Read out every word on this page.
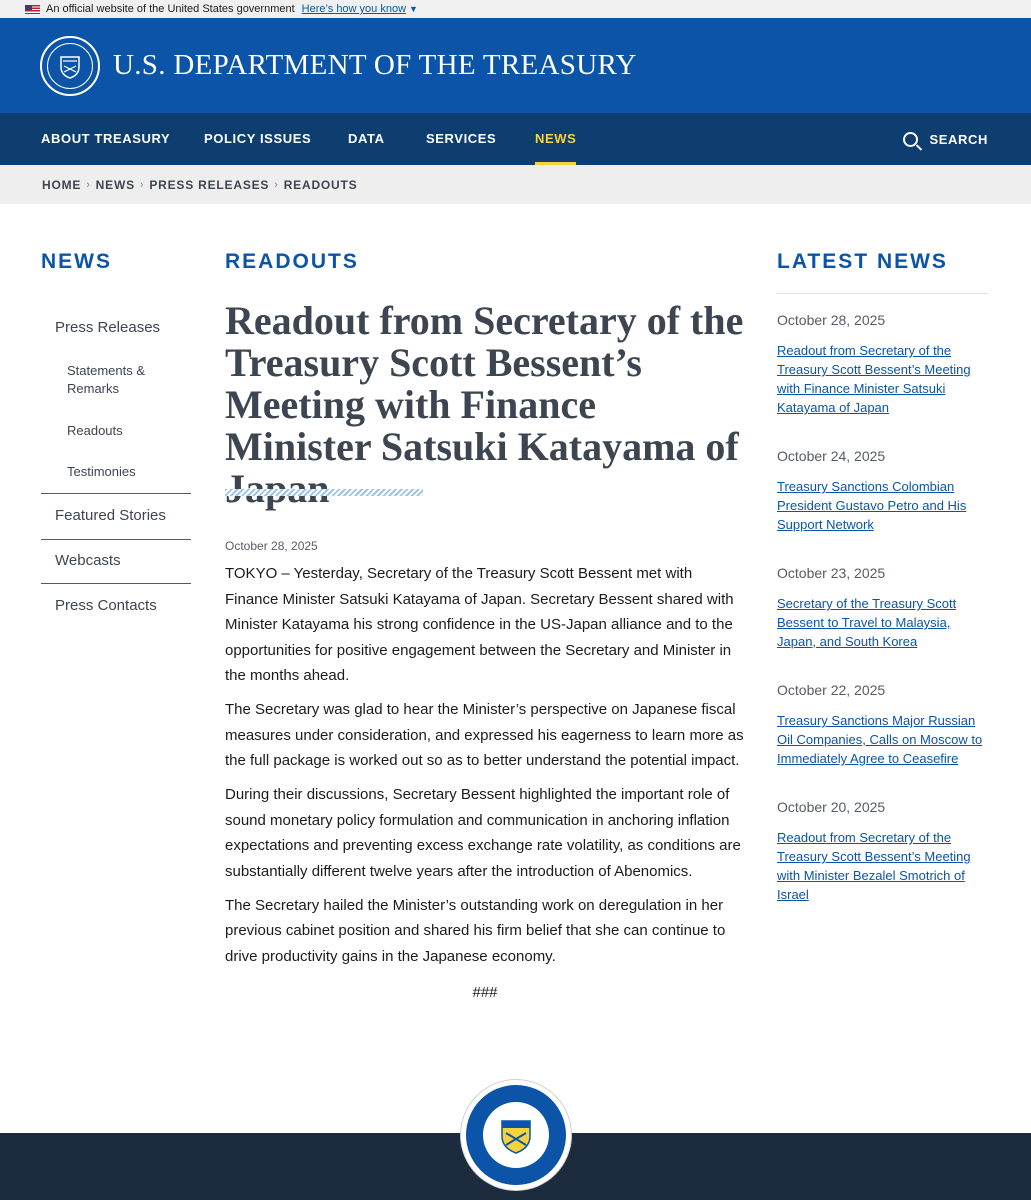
An official website of the United States government Here’s how you know ▼
U.S. DEPARTMENT OF THE TREASURY
ABOUT TREASURY	POLICY ISSUES	DATA	SERVICES	NEWS	SEARCH
HOME › NEWS › PRESS RELEASES › READOUTS
NEWS
Press Releases
Statements & Remarks
Readouts
Testimonies
Featured Stories
Webcasts
Press Contacts
READOUTS
Readout from Secretary of the Treasury Scott Bessent’s Meeting with Finance Minister Satsuki Katayama of
October 28, 2025

TOKYO – Yesterday, Secretary of the Treasury Scott Bessent met with Finance Minister Satsuki Katayama of Japan. Secretary Bessent shared with Minister Katayama his strong confidence in the US-Japan alliance and to the opportunities for positive engagement between the Secretary and Minister in the months ahead.

The Secretary was glad to hear the Minister’s perspective on Japanese fiscal measures under consideration, and expressed his eagerness to learn more as the full package is worked out so as to better understand the potential impact.

During their discussions, Secretary Bessent highlighted the important role of sound monetary policy formulation and communication in anchoring inflation expectations and preventing excess exchange rate volatility, as conditions are substantially different twelve years after the introduction of Abenomics.

The Secretary hailed the Minister’s outstanding work on deregulation in her previous cabinet position and shared his firm belief that she can continue to drive productivity gains in the Japanese economy.

###
LATEST NEWS
October 28, 2025
Readout from Secretary of the Treasury Scott Bessent’s Meeting with Finance Minister Satsuki Katayama of Japan
October 24, 2025
Treasury Sanctions Colombian President Gustavo Petro and His Support Network
October 23, 2025
Secretary of the Treasury Scott Bessent to Travel to Malaysia, Japan, and South Korea
October 22, 2025
Treasury Sanctions Major Russian Oil Companies, Calls on Moscow to Immediately Agree to Ceasefire
October 20, 2025
Readout from Secretary of the Treasury Scott Bessent’s Meeting with Minister Bezalel Smotrich of Israel
